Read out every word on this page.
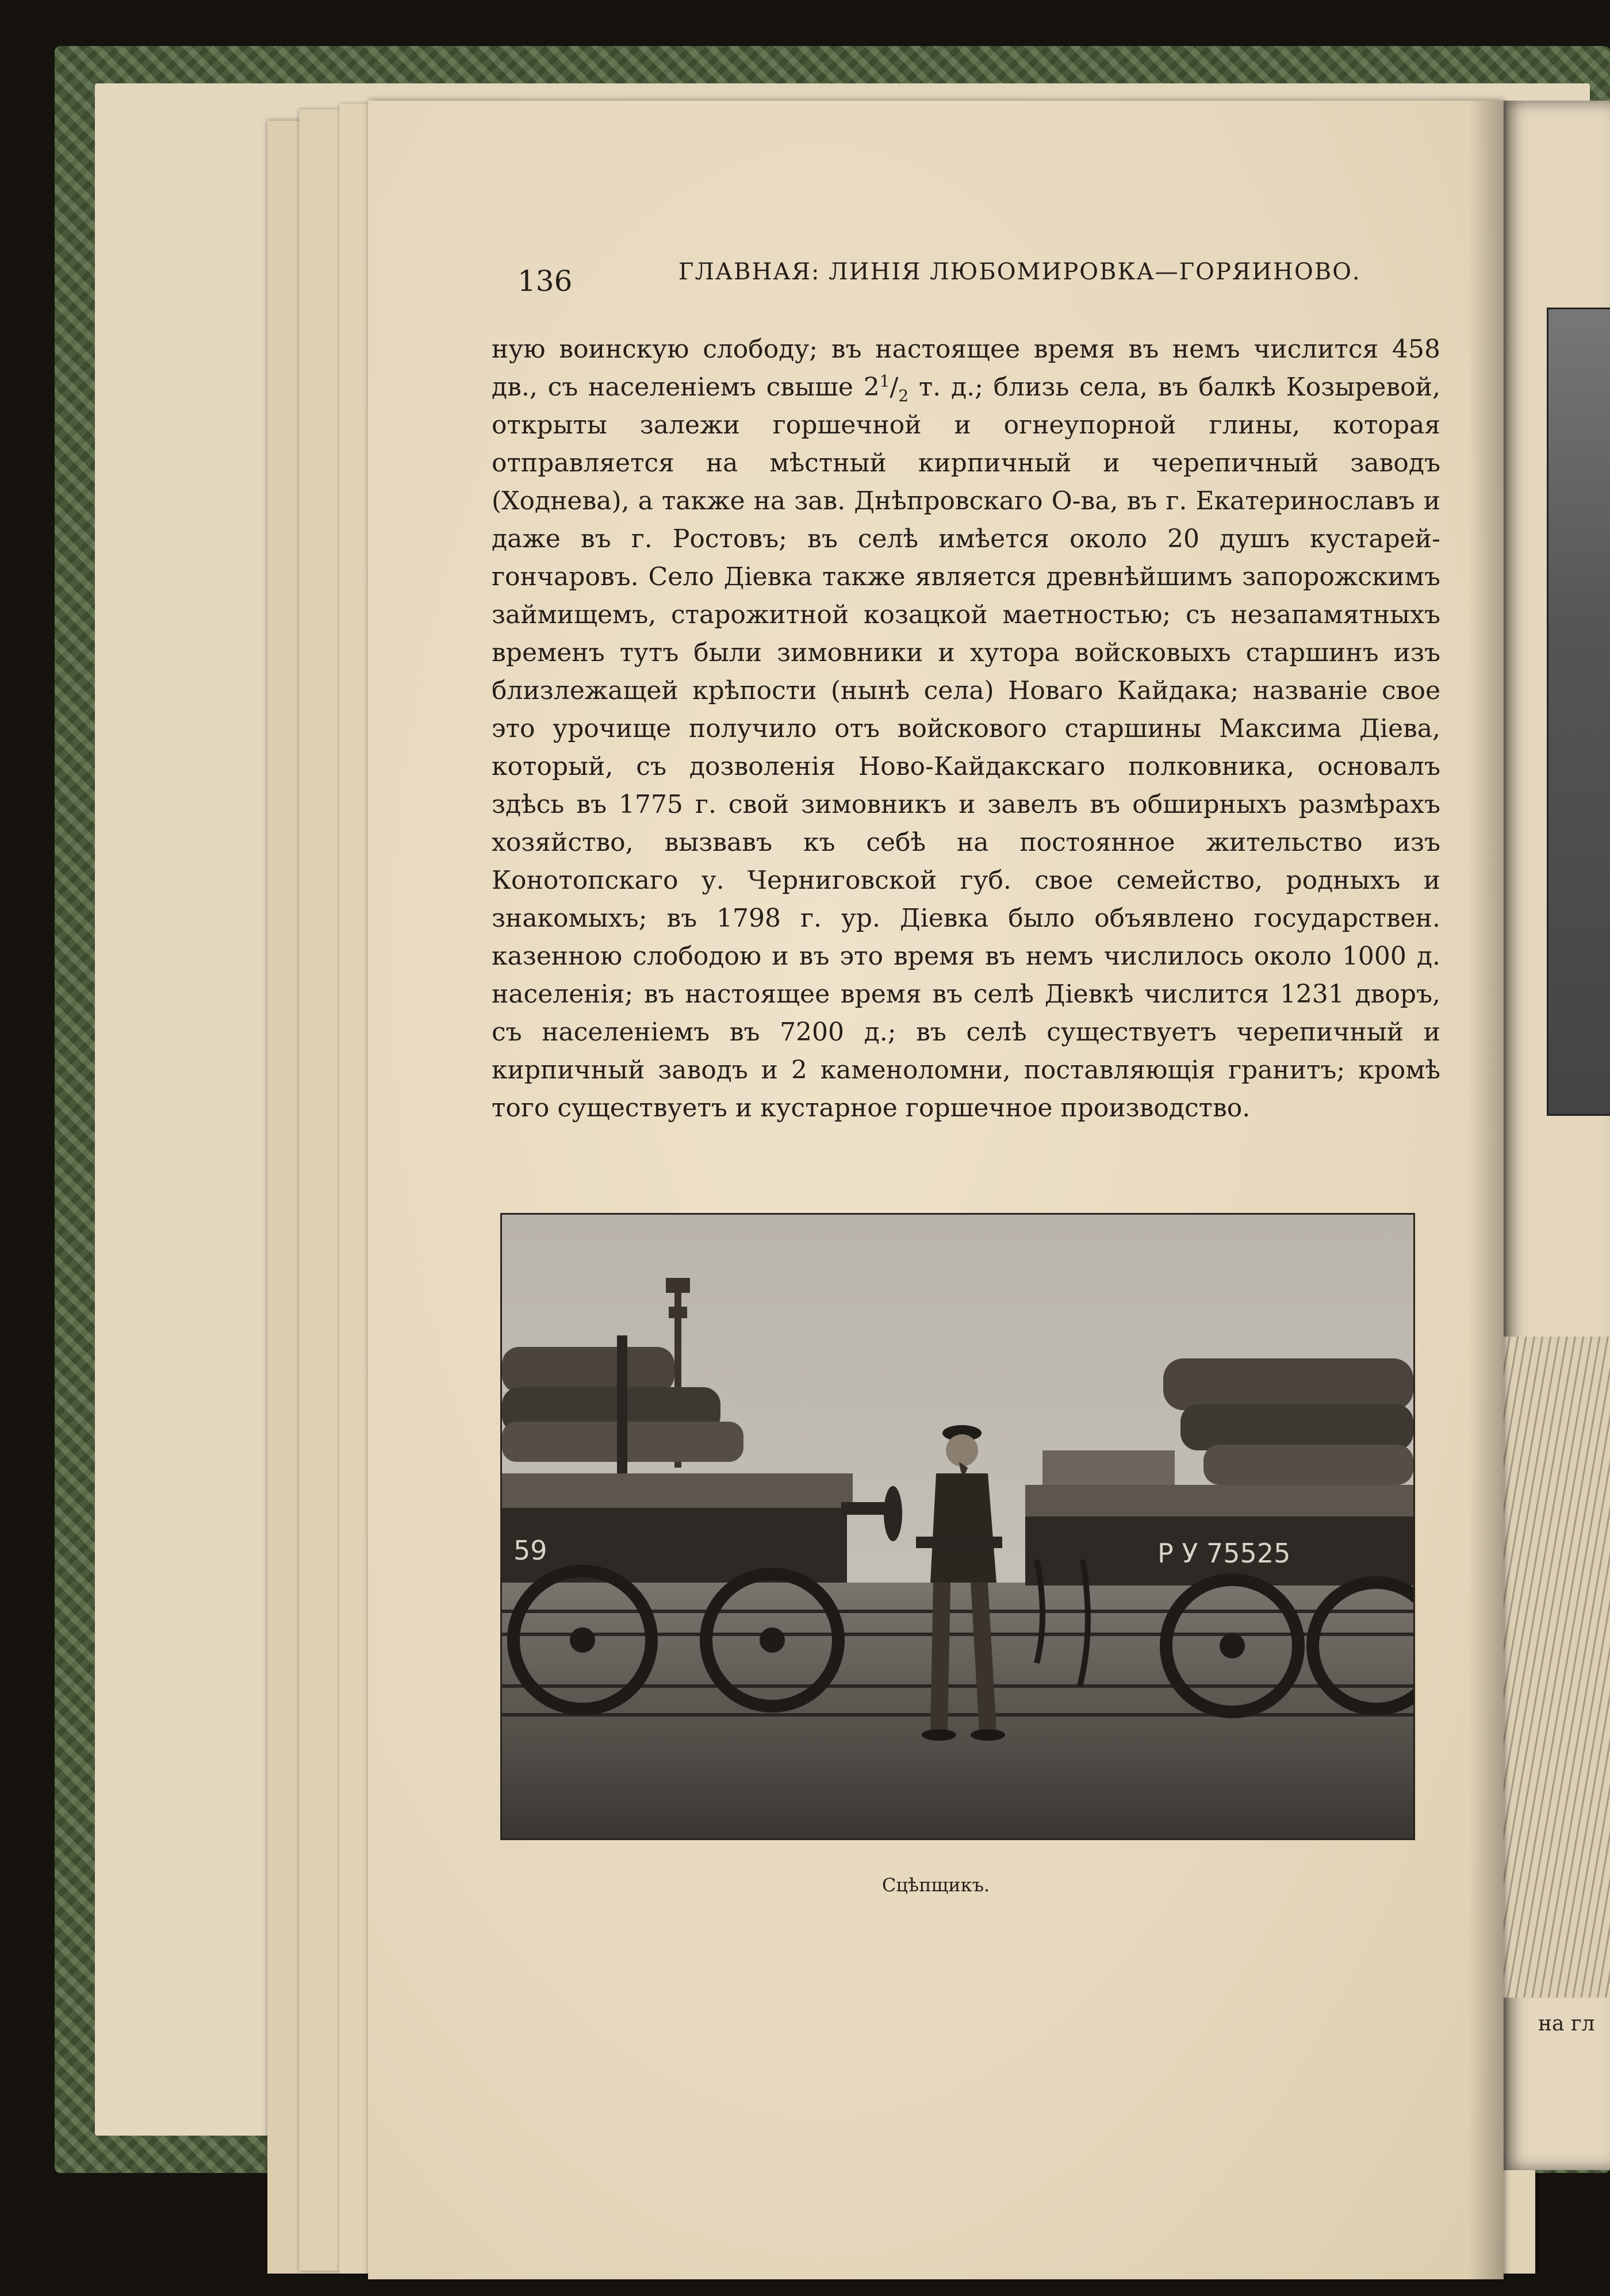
на гл
136	ГЛАВНАЯ: ЛИНІЯ ЛЮБОМИРОВКА—ГОРЯИНОВО.

ную воинскую слободу; въ настоящее время въ немъ числится 458 дв., съ населеніемъ свыше $2^1/_2$ т. д.; близь села, въ балкѣ Козыревой, открыты залежи горшечной и огнеупорной глины, которая отправляется на мѣстный кирпичный и черепичный заводъ (Ходнева), а также на зав. Днѣпровскаго О-ва, въ г. Екатеринославъ и даже въ г. Ростовъ; въ селѣ имѣется около 20 душъ кустарей-гончаровъ. Село Діевка также является древнѣйшимъ запорожскимъ займищемъ, старожитной козацкой маетностью; съ незапамятныхъ временъ тутъ были зимовники и хутора войсковыхъ старшинъ изъ близлежащей крѣпости (нынѣ села) Новаго Кайдака; названіе свое это урочище получило отъ войскового старшины Максима Діева, который, съ дозволенія Ново-Кайдакскаго полковника, основалъ здѣсь въ 1775 г. свой зимовникъ и завелъ въ обширныхъ размѣрахъ хозяйство, вызвавъ къ себѣ на постоянное жительство изъ Конотопскаго у. Черниговской губ. свое семейство, родныхъ и знакомыхъ; въ 1798 г. ур. Діевка было объявлено государствен. казенною слободою и въ это время въ немъ числилось около 1000 д. населенія; въ настоящее время въ селѣ Діевкѣ числится 1231 дворъ, съ населеніемъ въ 7200 д.; въ селѣ существуетъ черепичный и кирпичный заводъ и 2 каменоломни, поставляющія гранитъ; кромѣ того существуетъ и кустарное горшечное производство.

59	Р У 75525
Сцѣпщикъ.
